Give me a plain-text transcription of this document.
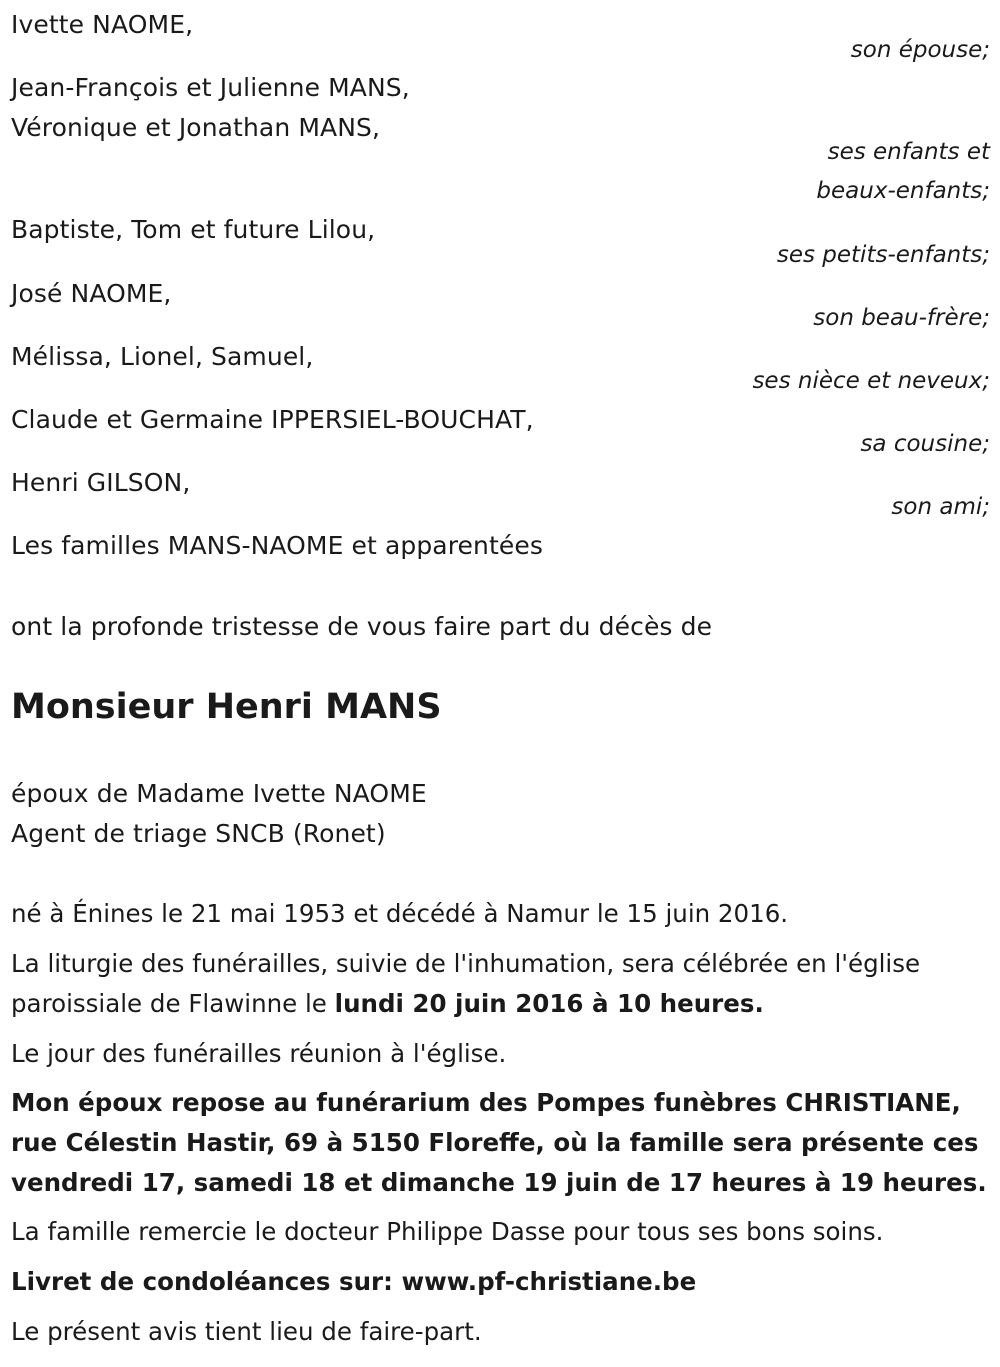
Ivette NAOME,
son épouse;
Jean-François et Julienne MANS,
Véronique et Jonathan MANS,
ses enfants et
beaux-enfants;
Baptiste, Tom et future Lilou,
ses petits-enfants;
José NAOME,
son beau-frère;
Mélissa, Lionel, Samuel,
ses nièce et neveux;
Claude et Germaine IPPERSIEL-BOUCHAT,
sa cousine;
Henri GILSON,
son ami;
Les familles MANS-NAOME et apparentées
ont la profonde tristesse de vous faire part du décès de
Monsieur Henri MANS
époux de Madame Ivette NAOME
Agent de triage SNCB (Ronet)
né à Énines le 21 mai 1953 et décédé à Namur le 15 juin 2016.
La liturgie des funérailles, suivie de l'inhumation, sera célébrée en l'église
paroissiale de Flawinne le lundi 20 juin 2016 à 10 heures.
Le jour des funérailles réunion à l'église.
Mon époux repose au funérarium des Pompes funèbres CHRISTIANE,
rue Célestin Hastir, 69 à 5150 Floreffe, où la famille sera présente ces
vendredi 17, samedi 18 et dimanche 19 juin de 17 heures à 19 heures.
La famille remercie le docteur Philippe Dasse pour tous ses bons soins.
Livret de condoléances sur: www.pf-christiane.be
Le présent avis tient lieu de faire-part.
